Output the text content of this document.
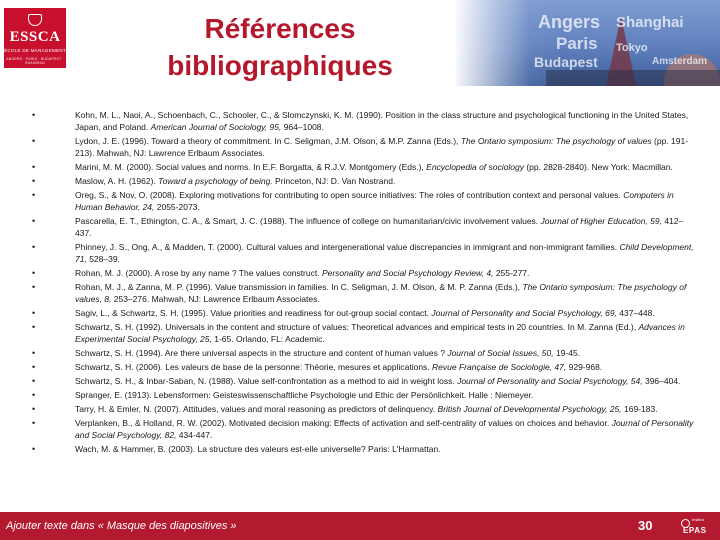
ESSCA
ÉCOLE DE MANAGEMENT
ANGERS · PARIS · BUDAPEST · SHANGHAI
Angers Shanghai
Paris
Budapest
Tokyo
Amsterdam
Références bibliographiques
• Kohn, M. L., Naoi, A., Schoenbach, C., Schooler, C., & Slomczynski, K. M. (1990). Position in the class structure and psychological functioning in the United States, Japan, and Poland. American Journal of Sociology, 95, 964–1008.
• Lydon, J. E. (1996). Toward a theory of commitment. In C. Seligman, J.M. Olson, & M.P. Zanna (Eds.), The Ontario symposium: The psychology of values (pp. 191-213). Mahwah, NJ: Lawrence Erlbaum Associates.
• Marini, M. M. (2000). Social values and norms. In E.F. Borgatta, & R.J.V. Montgomery (Eds.), Encyclopedia of sociology (pp. 2828-2840). New York: Macmillan.
• Maslow, A. H. (1962). Toward a psychology of being. Princeton, NJ: D. Van Nostrand.
• Oreg, S., & Nov, O. (2008). Exploring motivations for contributing to open source initiatives: The roles of contribution context and personal values. Computers in Human Behavior, 24, 2055-2073.
• Pascarella, E. T., Ethington, C. A., & Smart, J. C. (1988). The influence of college on humanitarian/civic involvement values. Journal of Higher Education, 59, 412–437.
• Phinney, J. S., Ong, A., & Madden, T. (2000). Cultural values and intergenerational value discrepancies in immigrant and non-immigrant families. Child Development, 71, 528–39.
• Rohan, M. J. (2000). A rose by any name ? The values construct. Personality and Social Psychology Review, 4, 255-277.
• Rohan, M. J., & Zanna, M. P. (1996). Value transmission in families. In C. Seligman, J. M. Olson, & M. P. Zanna (Eds.), The Ontario symposium: The psychology of values, 8, 253–276. Mahwah, NJ: Lawrence Erlbaum Associates.
• Sagiv, L., & Schwartz, S. H. (1995). Value priorities and readiness for out-group social contact. Journal of Personality and Social Psychology, 69, 437–448.
• Schwartz, S. H. (1992). Universals in the content and structure of values: Theoretical advances and empirical tests in 20 countries. In M. Zanna (Ed.), Advances in Experimental Social Psychology, 25, 1-65. Orlando, FL: Academic.
• Schwartz, S. H. (1994). Are there universal aspects in the structure and content of human values ? Journal of Social Issues, 50, 19-45.
• Schwartz, S. H. (2006). Les valeurs de base de la personne: Théorie, mesures et applications. Revue Française de Sociologie, 47, 929-968.
• Schwartz, S. H., & Inbar-Saban, N. (1988). Value self-confrontation as a method to aid in weight loss. Journal of Personality and Social Psychology, 54, 396–404.
• Spranger, E. (1913). Lebensformen: Geisteswissenschaftliche Psychologie und Ethic der Persönlichkeit. Halle : Niemeyer.
• Tarry, H. & Emler, N. (2007). Attitudes, values and moral reasoning as predictors of delinquency. British Journal of Developmental Psychology, 25, 169-183.
• Verplanken, B., & Holland, R. W. (2002). Motivated decision making: Effects of activation and self-centrality of values on choices and behavior. Journal of Personality and Social Psychology, 82, 434-447.
• Wach, M. & Hammer, B. (2003). La structure des valeurs est-elle universelle? Paris: L'Harmattan.
Ajouter texte dans « Masque des diapositives »	30	Institut
EPAS
